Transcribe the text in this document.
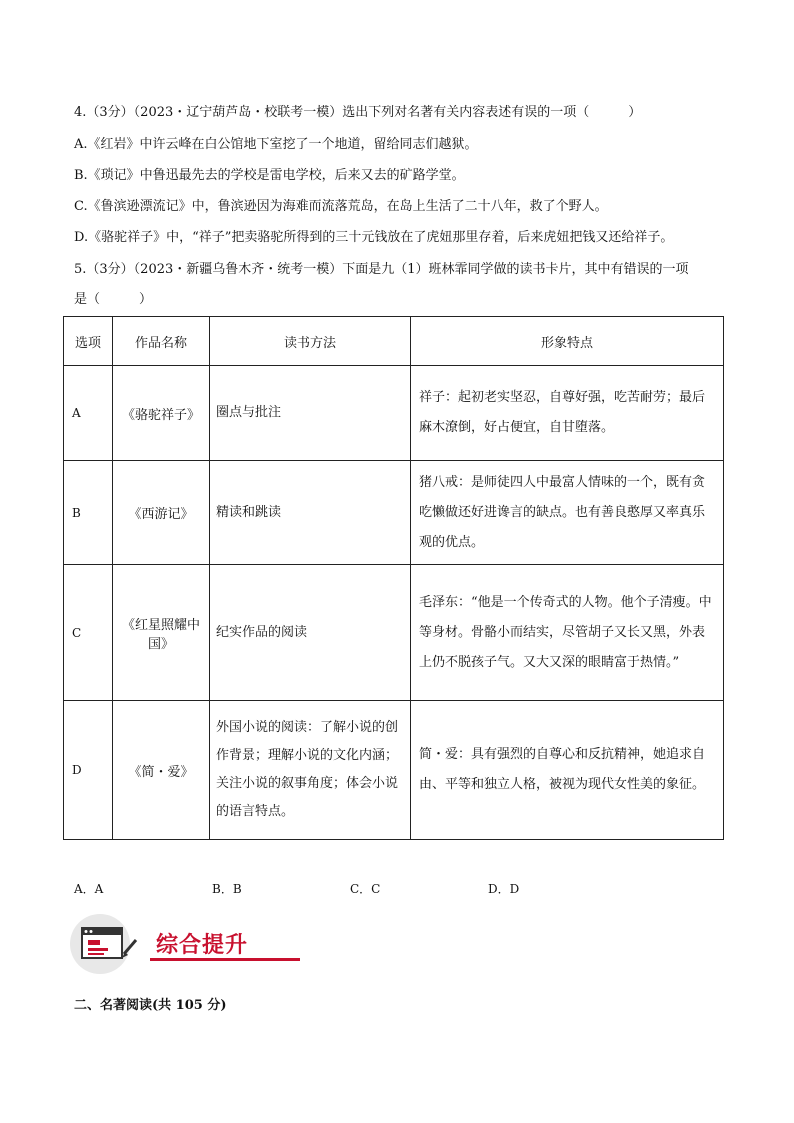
4.（3分）（2023・辽宁葫芦岛・校联考一模）选出下列对名著有关内容表述有误的一项（　　　）
A.《红岩》中许云峰在白公馆地下室挖了一个地道，留给同志们越狱。
B.《琐记》中鲁迅最先去的学校是雷电学校，后来又去的矿路学堂。
C.《鲁滨逊漂流记》中，鲁滨逊因为海难而流落荒岛，在岛上生活了二十八年，救了个野人。
D.《骆驼祥子》中，“祥子”把卖骆驼所得到的三十元钱放在了虎妞那里存着，后来虎妞把钱又还给祥子。
5.（3分）（2023・新疆乌鲁木齐・统考一模）下面是九（1）班林霏同学做的读书卡片，其中有错误的一项
是（　　　）
选项	作品名称	读书方法	形象特点
A	《骆驼祥子》	圈点与批注	祥子：起初老实坚忍，自尊好强，吃苦耐劳；最后麻木潦倒，好占便宜，自甘堕落。
B	《西游记》	精读和跳读	猪八戒：是师徒四人中最富人情味的一个，既有贪吃懒做还好进谗言的缺点。也有善良憨厚又率真乐观的优点。
C	《红星照耀中国》	纪实作品的阅读	毛泽东：“他是一个传奇式的人物。他个子清瘦。中等身材。骨骼小而结实，尽管胡子又长又黑，外表上仍不脱孩子气。又大又深的眼睛富于热情。”
D	《简・爱》	外国小说的阅读：了解小说的创作背景；理解小说的文化内涵；关注小说的叙事角度；体会小说的语言特点。	简・爱：具有强烈的自尊心和反抗精神，她追求自由、平等和独立人格，被视为现代女性美的象征。
A．A	B．B	C．C	D．D
综合提升
二、名著阅读(共 105 分)
